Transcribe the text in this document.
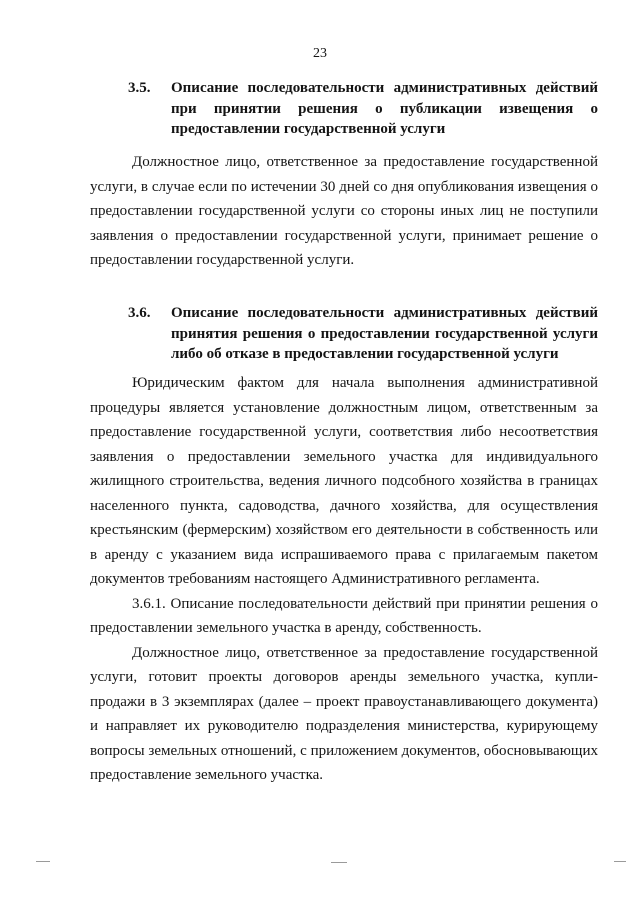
23
3.5. Описание последовательности административных действий при принятии решения о публикации извещения о предоставлении государственной услуги

Должностное лицо, ответственное за предоставление государственной услуги, в случае если по истечении 30 дней со дня опубликования извещения о предоставлении государственной услуги со стороны иных лиц не поступили заявления о предоставлении государственной услуги, принимает решение о предоставлении государственной услуги.

3.6. Описание последовательности административных действий принятия решения о предоставлении государственной услуги либо об отказе в предоставлении государственной услуги

Юридическим фактом для начала выполнения административной процедуры является установление должностным лицом, ответственным за предоставление государственной услуги, соответствия либо несоответствия заявления о предоставлении земельного участка для индивидуального жилищного строительства, ведения личного подсобного хозяйства в границах населенного пункта, садоводства, дачного хозяйства, для осуществления крестьянским (фермерским) хозяйством его деятельности в собственность или в аренду с указанием вида испрашиваемого права с прилагаемым пакетом документов требованиям настоящего Административного регламента.

3.6.1. Описание последовательности действий при принятии решения о предоставлении земельного участка в аренду, собственность.

Должностное лицо, ответственное за предоставление государственной услуги, готовит проекты договоров аренды земельного участка, купли-продажи в 3 экземплярах (далее – проект правоустанавливающего документа) и направляет их руководителю подразделения министерства, курирующему вопросы земельных отношений, с приложением документов, обосновывающих предоставление земельного участка.
